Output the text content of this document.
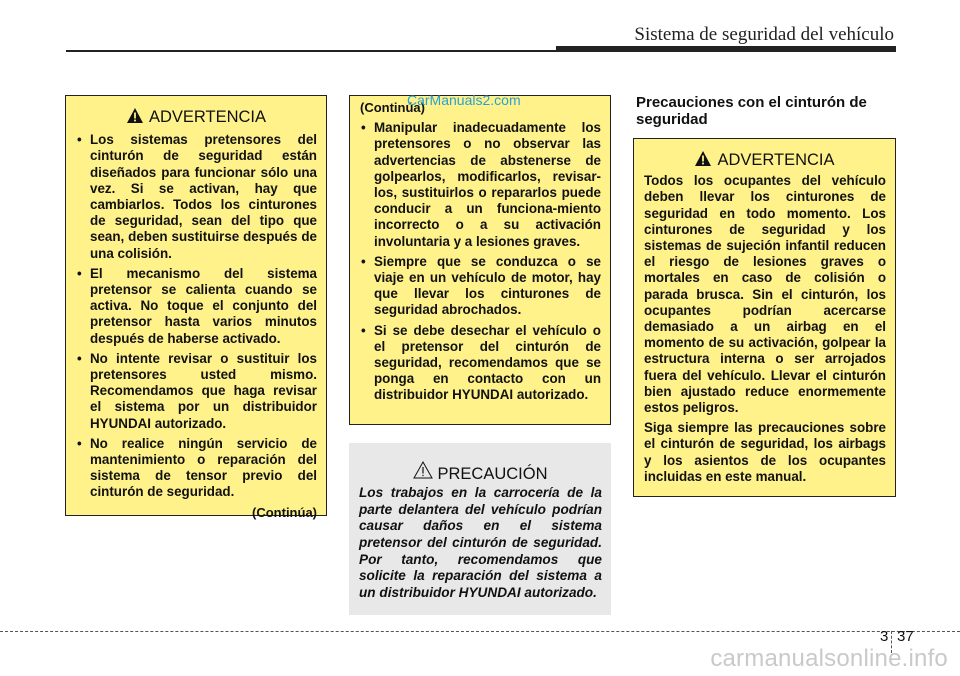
Sistema de seguridad del vehículo
ADVERTENCIA
• Los sistemas pretensores del cinturón de seguridad están diseñados para funcionar sólo una vez. Si se activan, hay que cambiarlos. Todos los cinturones de seguridad, sean del tipo que sean, deben sustituirse después de una colisión.
• El mecanismo del sistema pretensor se calienta cuando se activa. No toque el conjunto del pretensor hasta varios minutos después de haberse activado.
• No intente revisar o sustituir los pretensores usted mismo. Recomendamos que haga revisar el sistema por un distribuidor HYUNDAI autorizado.
• No realice ningún servicio de mantenimiento o reparación del sistema de tensor previo del cinturón de seguridad.
(Continúa)
(Continúa)
• Manipular inadecuadamente los pretensores o no observar las advertencias de abstenerse de golpearlos, modificarlos, revisar-los, sustituirlos o repararlos puede conducir a un funciona-miento incorrecto o a su activación involuntaria y a lesiones graves.
• Siempre que se conduzca o se viaje en un vehículo de motor, hay que llevar los cinturones de seguridad abrochados.
• Si se debe desechar el vehículo o el pretensor del cinturón de seguridad, recomendamos que se ponga en contacto con un distribuidor HYUNDAI autorizado.
CarManuals2.com
PRECAUCIÓN
Los trabajos en la carrocería de la parte delantera del vehículo podrían causar daños en el sistema pretensor del cinturón de seguridad. Por tanto, recomendamos que solicite la reparación del sistema a un distribuidor HYUNDAI autorizado.
Precauciones con el cinturón de seguridad
ADVERTENCIA

Todos los ocupantes del vehículo deben llevar los cinturones de seguridad en todo momento. Los cinturones de seguridad y los sistemas de sujeción infantil reducen el riesgo de lesiones graves o mortales en caso de colisión o parada brusca. Sin el cinturón, los ocupantes podrían acercarse demasiado a un airbag en el momento de su activación, golpear la estructura interna o ser arrojados fuera del vehículo. Llevar el cinturón bien ajustado reduce enormemente estos peligros.

Siga siempre las precauciones sobre el cinturón de seguridad, los airbags y los asientos de los ocupantes incluidas en este manual.

3 37
carmanualsonline.info
